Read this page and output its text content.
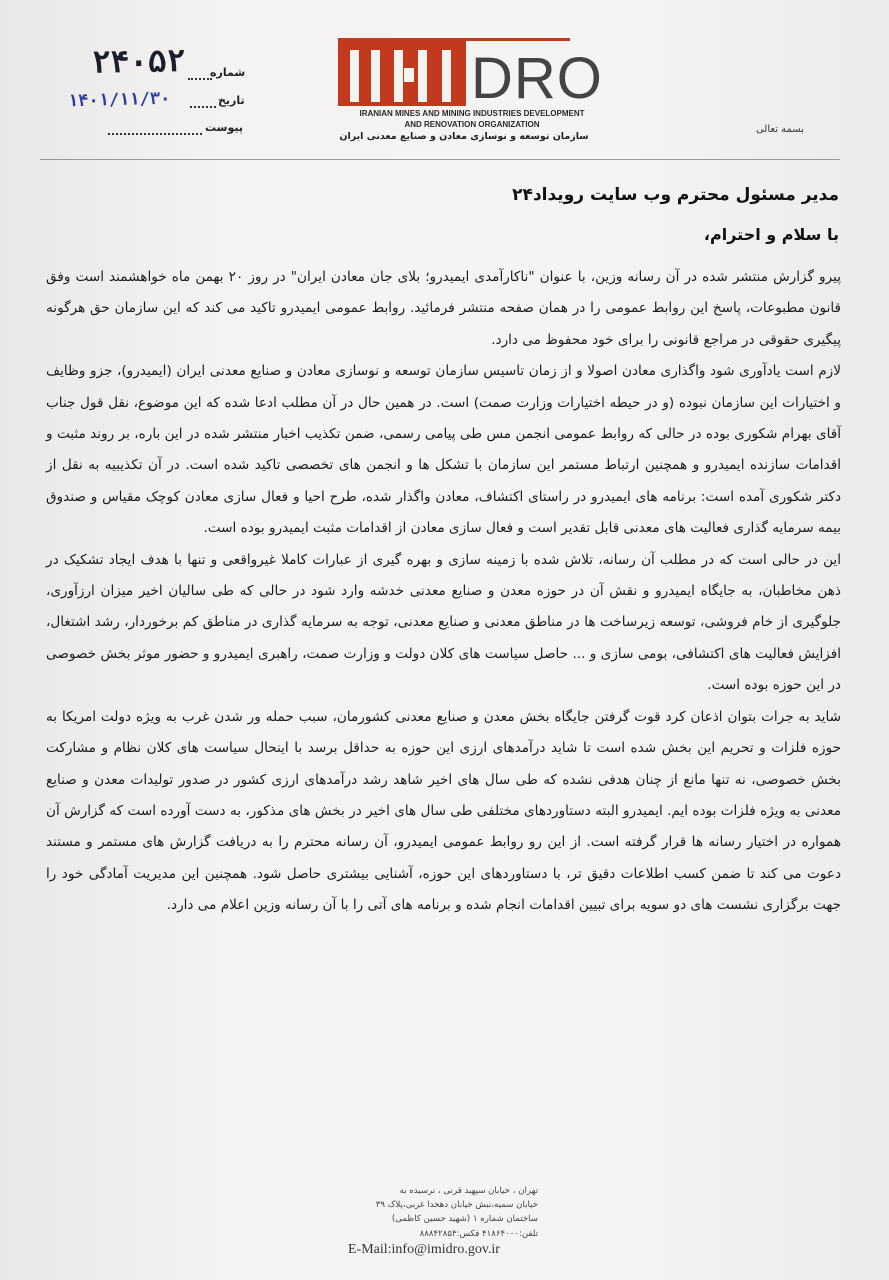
DRO
IRANIAN MINES AND MINING INDUSTRIES DEVELOPMENT
AND RENOVATION ORGANIZATION
سازمان توسعه و نوسازی معادن و صنایع معدنی ایران
بسمه تعالی
شماره
تاریخ
پیوست
۲۴۰۵۲
۱۴۰۱/۱۱/۳۰
مدیر مسئول محترم وب سایت رویداد۲۴
با سلام و احترام،

پیرو گزارش منتشر شده در آن رسانه وزین، با عنوان "ناکارآمدی ایمیدرو؛ بلای جان معادن ایران" در روز ۲۰ بهمن ماه خواهشمند است وفق قانون مطبوعات، پاسخ این روابط عمومی را در همان صفحه منتشر فرمائید. روابط عمومی ایمیدرو تاکید می کند که این سازمان حق هرگونه پیگیری حقوقی در مراجع قانونی را برای خود محفوظ می دارد.

لازم است یادآوری شود واگذاری معادن اصولا و از زمان تاسیس سازمان توسعه و نوسازی معادن و صنایع معدنی ایران (ایمیدرو)، جزو وظایف و اختیارات این سازمان نبوده (و در حیطه اختیارات وزارت صمت) است. در همین حال در آن مطلب ادعا شده که این موضوع، نقل قول جناب آقای بهرام شکوری بوده در حالی که روابط عمومی انجمن مس طی پیامی رسمی، ضمن تکذیب اخبار منتشر شده در این باره، بر روند مثبت و اقدامات سازنده ایمیدرو و همچنین ارتباط مستمر این سازمان با تشکل ها و انجمن های تخصصی تاکید شده است. در آن تکذیبیه به نقل از دکتر شکوری آمده است: برنامه های ایمیدرو در راستای اکتشاف، معادن واگذار شده، طرح احیا و فعال سازی معادن کوچک مقیاس و صندوق بیمه سرمایه گذاری فعالیت های معدنی قابل تقدیر است و فعال سازی معادن از اقدامات مثبت ایمیدرو بوده است.

این در حالی است که در مطلب آن رسانه، تلاش شده با زمینه سازی و بهره گیری از عبارات کاملا غیرواقعی و تنها با هدف ایجاد تشکیک در ذهن مخاطبان، به جایگاه ایمیدرو و نقش آن در حوزه معدن و صنایع معدنی خدشه وارد شود در حالی که طی سالیان اخیر میزان ارزآوری، جلوگیری از خام فروشی، توسعه زیرساخت ها در مناطق معدنی و صنایع معدنی، توجه به سرمایه گذاری در مناطق کم برخوردار، رشد اشتغال، افزایش فعالیت های اکتشافی، بومی سازی و ... حاصل سیاست های کلان دولت و وزارت صمت، راهبری ایمیدرو و حضور موثر بخش خصوصی در این حوزه بوده است.

شاید به جرات بتوان اذعان کرد قوت گرفتن جایگاه بخش معدن و صنایع معدنی کشورمان، سبب حمله ور شدن غرب به ویژه دولت امریکا به حوزه فلزات و تحریم این بخش شده است تا شاید درآمدهای ارزی این حوزه به حداقل برسد با اینحال سیاست های کلان نظام و مشارکت بخش خصوصی، نه تنها مانع از چنان هدفی نشده که طی سال های اخیر شاهد رشد درآمدهای ارزی کشور در صدور تولیدات معدن و صنایع معدنی به ویژه فلزات بوده ایم. ایمیدرو البته دستاوردهای مختلفی طی سال های اخیر در بخش های مذکور، به دست آورده است که گزارش آن همواره در اختیار رسانه ها قرار گرفته است. از این رو روابط عمومی ایمیدرو، آن رسانه محترم را به دریافت گزارش های مستمر و مستند دعوت می کند تا ضمن کسب اطلاعات دقیق تر، با دستاوردهای این حوزه، آشنایی بیشتری حاصل شود. همچنین این مدیریت آمادگی خود را جهت برگزاری نشست های دو سویه برای تبیین اقدامات انجام شده و برنامه های آتی را با آن رسانه وزین اعلام می دارد.

تهران ، خیابان سپهبد قرنی ، نرسیده به
خیابان سمیه،نبش خیابان دهخدا غربی،پلاک ۳۹
ساختمان شماره ۱ (شهید حسین کاظمی)
تلفن:۴۱۸۶۴۰۰۰ فکس:۸۸۸۴۲۸۵۴
E-Mail:info@imidro.gov.ir
